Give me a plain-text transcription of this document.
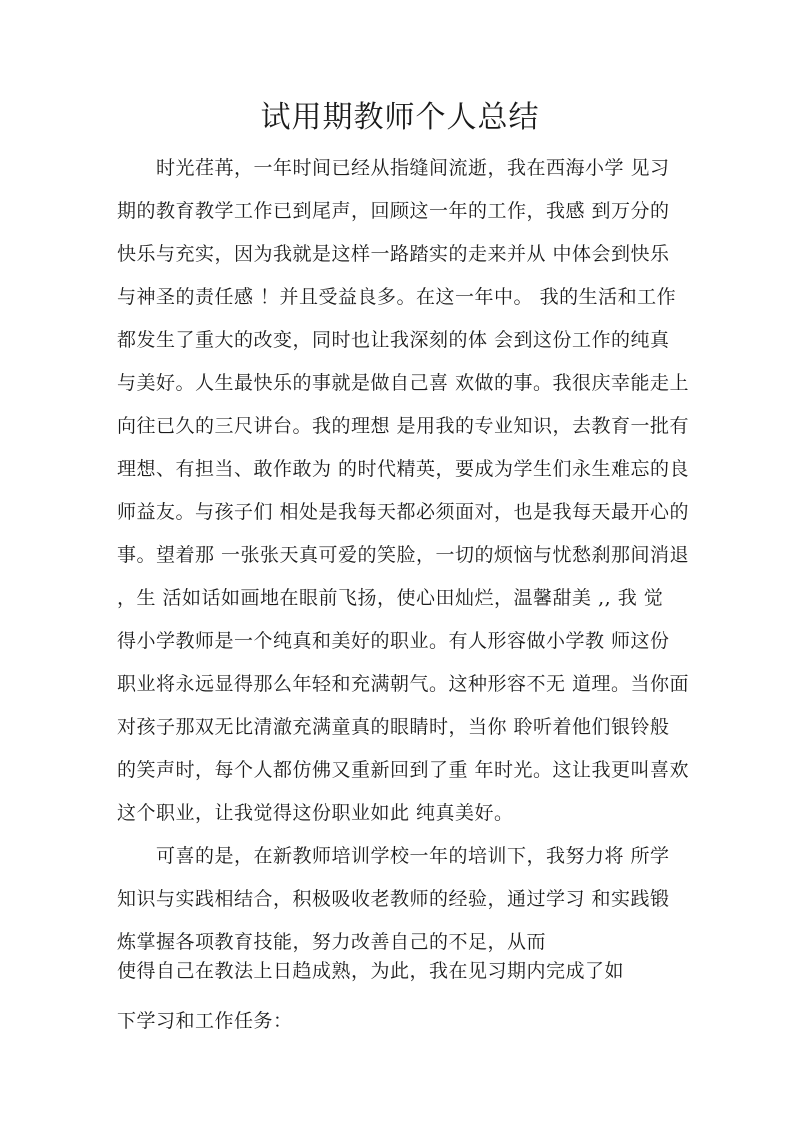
试用期教师个人总结
时光荏苒，一年时间已经从指缝间流逝，我在西海小学 见习
期的教育教学工作已到尾声，回顾这一年的工作，我感 到万分的
快乐与充实，因为我就是这样一路踏实的走来并从 中体会到快乐
与神圣的责任感 ！并且受益良多。在这一年中。 我的生活和工作
都发生了重大的改变，同时也让我深刻的体 会到这份工作的纯真
与美好。人生最快乐的事就是做自己喜 欢做的事。我很庆幸能走上
向往已久的三尺讲台。我的理想 是用我的专业知识，去教育一批有
理想、有担当、敢作敢为 的时代精英，要成为学生们永生难忘的良
师益友。与孩子们 相处是我每天都必须面对，也是我每天最开心的
事。望着那 一张张天真可爱的笑脸，一切的烦恼与忧愁刹那间消退
，生 活如话如画地在眼前飞扬，使心田灿烂，温馨甜美 ,, 我 觉
得小学教师是一个纯真和美好的职业。有人形容做小学教 师这份
职业将永远显得那么年轻和充满朝气。这种形容不无 道理。当你面
对孩子那双无比清澈充满童真的眼睛时，当你 聆听着他们银铃般
的笑声时，每个人都仿佛又重新回到了重 年时光。这让我更叫喜欢
这个职业，让我觉得这份职业如此 纯真美好。
可喜的是，在新教师培训学校一年的培训下，我努力将 所学
知识与实践相结合，积极吸收老教师的经验，通过学习 和实践锻
炼掌握各项教育技能，努力改善自己的不足，从而
使得自己在教法上日趋成熟，为此，我在见习期内完成了如
下学习和工作任务：
